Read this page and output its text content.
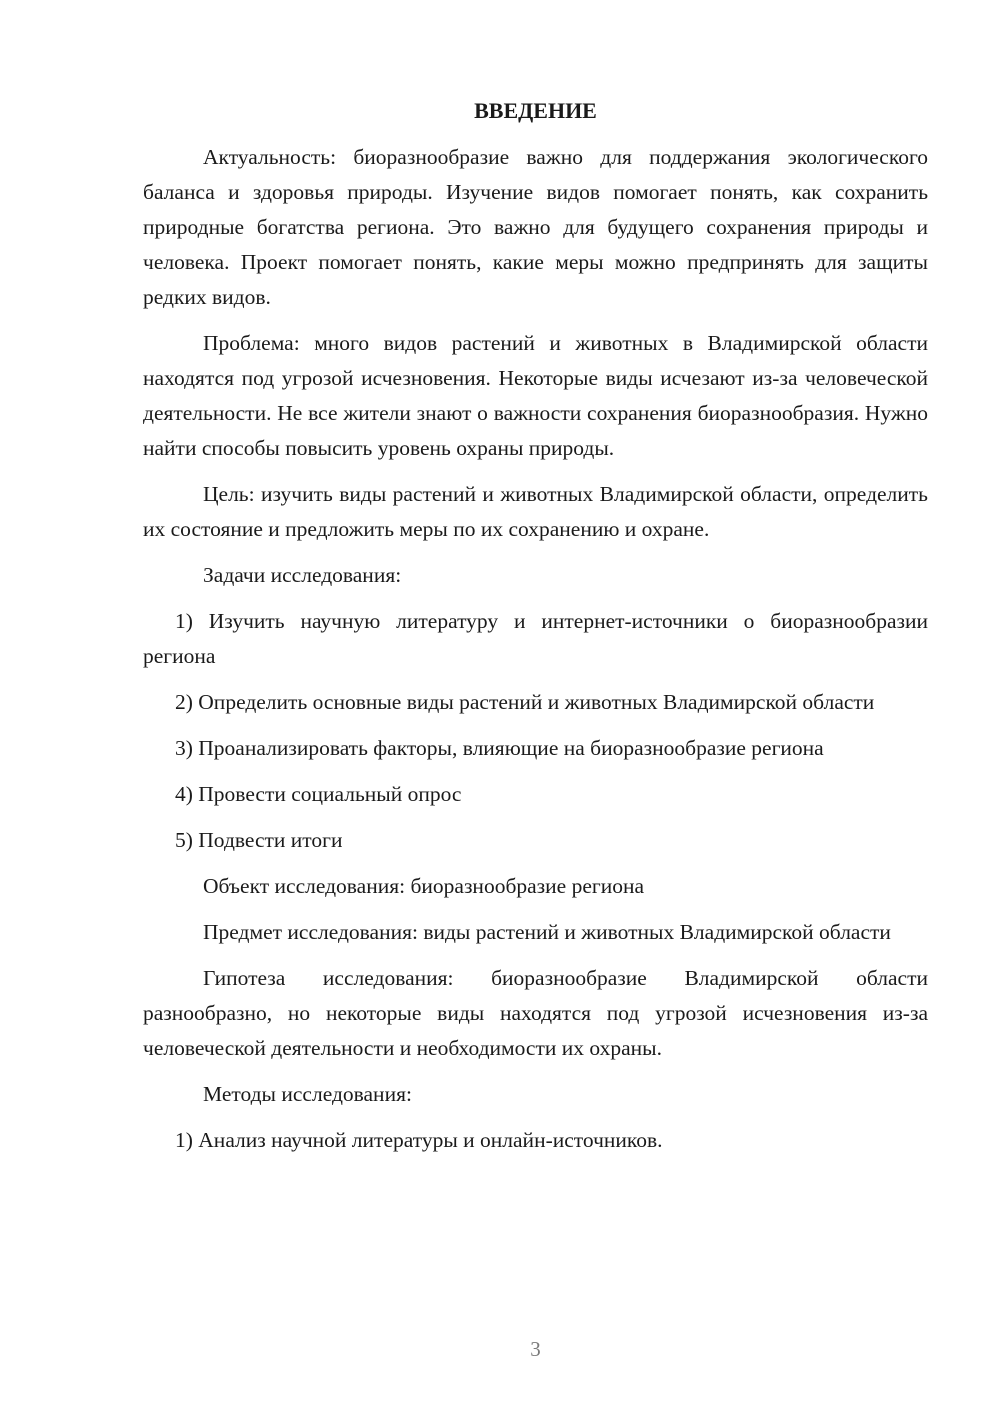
ВВЕДЕНИЕ

Актуальность: биоразнообразие важно для поддержания экологического баланса и здоровья природы. Изучение видов помогает понять, как сохранить природные богатства региона. Это важно для будущего сохранения природы и человека. Проект помогает понять, какие меры можно предпринять для защиты редких видов.

Проблема: много видов растений и животных в Владимирской области находятся под угрозой исчезновения. Некоторые виды исчезают из-за человеческой деятельности. Не все жители знают о важности сохранения биоразнообразия. Нужно найти способы повысить уровень охраны природы.

Цель: изучить виды растений и животных Владимирской области, определить их состояние и предложить меры по их сохранению и охране.

Задачи исследования:

1) Изучить научную литературу и интернет-источники о биоразнообразии региона

2) Определить основные виды растений и животных Владимирской области

3) Проанализировать факторы, влияющие на биоразнообразие региона

4) Провести социальный опрос

5) Подвести итоги

Объект исследования: биоразнообразие региона

Предмет исследования: виды растений и животных Владимирской области

Гипотеза исследования: биоразнообразие Владимирской области разнообразно, но некоторые виды находятся под угрозой исчезновения из-за человеческой деятельности и необходимости их охраны.

Методы исследования:

1) Анализ научной литературы и онлайн-источников.

3
